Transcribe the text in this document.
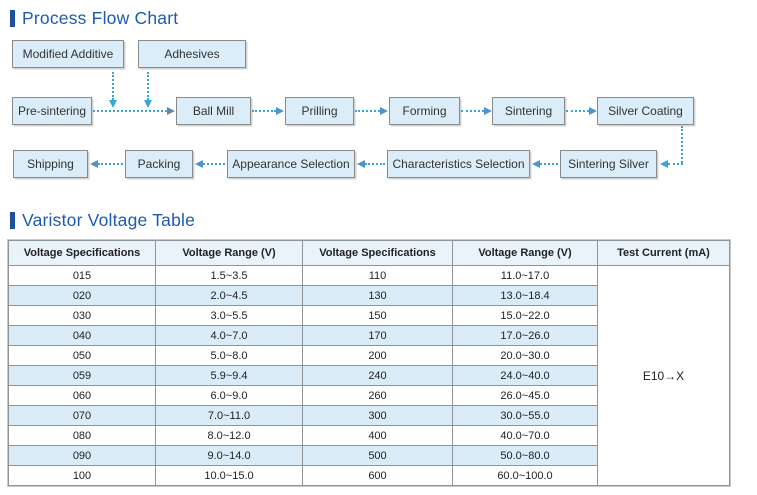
Process Flow Chart
Modified Additive	Adhesives
Pre-sintering	Ball Mill	Prilling	Forming	Sintering	Silver Coating
Shipping	Packing	Appearance Selection	Characteristics Selection	Sintering Silver
Varistor Voltage Table
Voltage Specifications	Voltage Range (V)	Voltage Specifications	Voltage Range (V)	Test Current (mA)
015	1.5~3.5	110	11.0~17.0	E10→X
020	2.0~4.5	130	13.0~18.4	
030	3.0~5.5	150	15.0~22.0	
040	4.0~7.0	170	17.0~26.0	
050	5.0~8.0	200	20.0~30.0	
059	5.9~9.4	240	24.0~40.0	
060	6.0~9.0	260	26.0~45.0	
070	7.0~11.0	300	30.0~55.0	
080	8.0~12.0	400	40.0~70.0	
090	9.0~14.0	500	50.0~80.0	
100	10.0~15.0	600	60.0~100.0	
